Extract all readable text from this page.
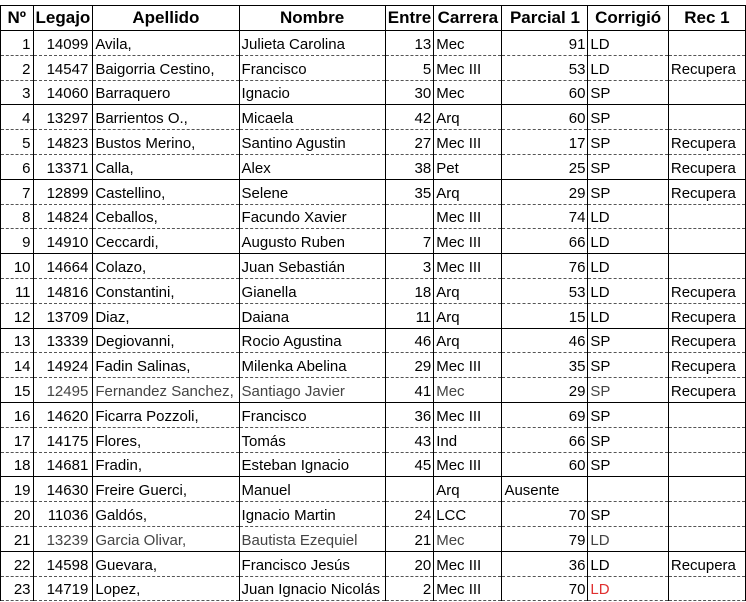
Nº	Legajo	Apellido	Nombre	Entre	Carrera	Parcial 1	Corrigió	Rec 1
1	14099	Avila,	Julieta Carolina	13	Mec	91	LD	
2	14547	Baigorria Cestino,	Francisco	5	Mec III	53	LD	Recupera
3	14060	Barraquero	Ignacio	30	Mec	60	SP	
4	13297	Barrientos O.,	Micaela	42	Arq	60	SP	
5	14823	Bustos Merino,	Santino Agustin	27	Mec III	17	SP	Recupera
6	13371	Calla,	Alex	38	Pet	25	SP	Recupera
7	12899	Castellino,	Selene	35	Arq	29	SP	Recupera
8	14824	Ceballos,	Facundo Xavier		Mec III	74	LD	
9	14910	Ceccardi,	Augusto Ruben	7	Mec III	66	LD	
10	14664	Colazo,	Juan Sebastián	3	Mec III	76	LD	
11	14816	Constantini,	Gianella	18	Arq	53	LD	Recupera
12	13709	Diaz,	Daiana	11	Arq	15	LD	Recupera
13	13339	Degiovanni,	Rocio Agustina	46	Arq	46	SP	Recupera
14	14924	Fadin Salinas,	Milenka Abelina	29	Mec III	35	SP	Recupera
15	12495	Fernandez Sanchez,	Santiago Javier	41	Mec	29	SP	Recupera
16	14620	Ficarra Pozzoli,	Francisco	36	Mec III	69	SP	
17	14175	Flores,	Tomás	43	Ind	66	SP	
18	14681	Fradin,	Esteban Ignacio	45	Mec III	60	SP	
19	14630	Freire Guerci,	Manuel		Arq	Ausente		
20	11036	Galdós,	Ignacio Martin	24	LCC	70	SP	
21	13239	Garcia Olivar,	Bautista Ezequiel	21	Mec	79	LD	
22	14598	Guevara,	Francisco Jesús	20	Mec III	36	LD	Recupera
23	14719	Lopez,	Juan Ignacio Nicolás	2	Mec III	70	LD	
